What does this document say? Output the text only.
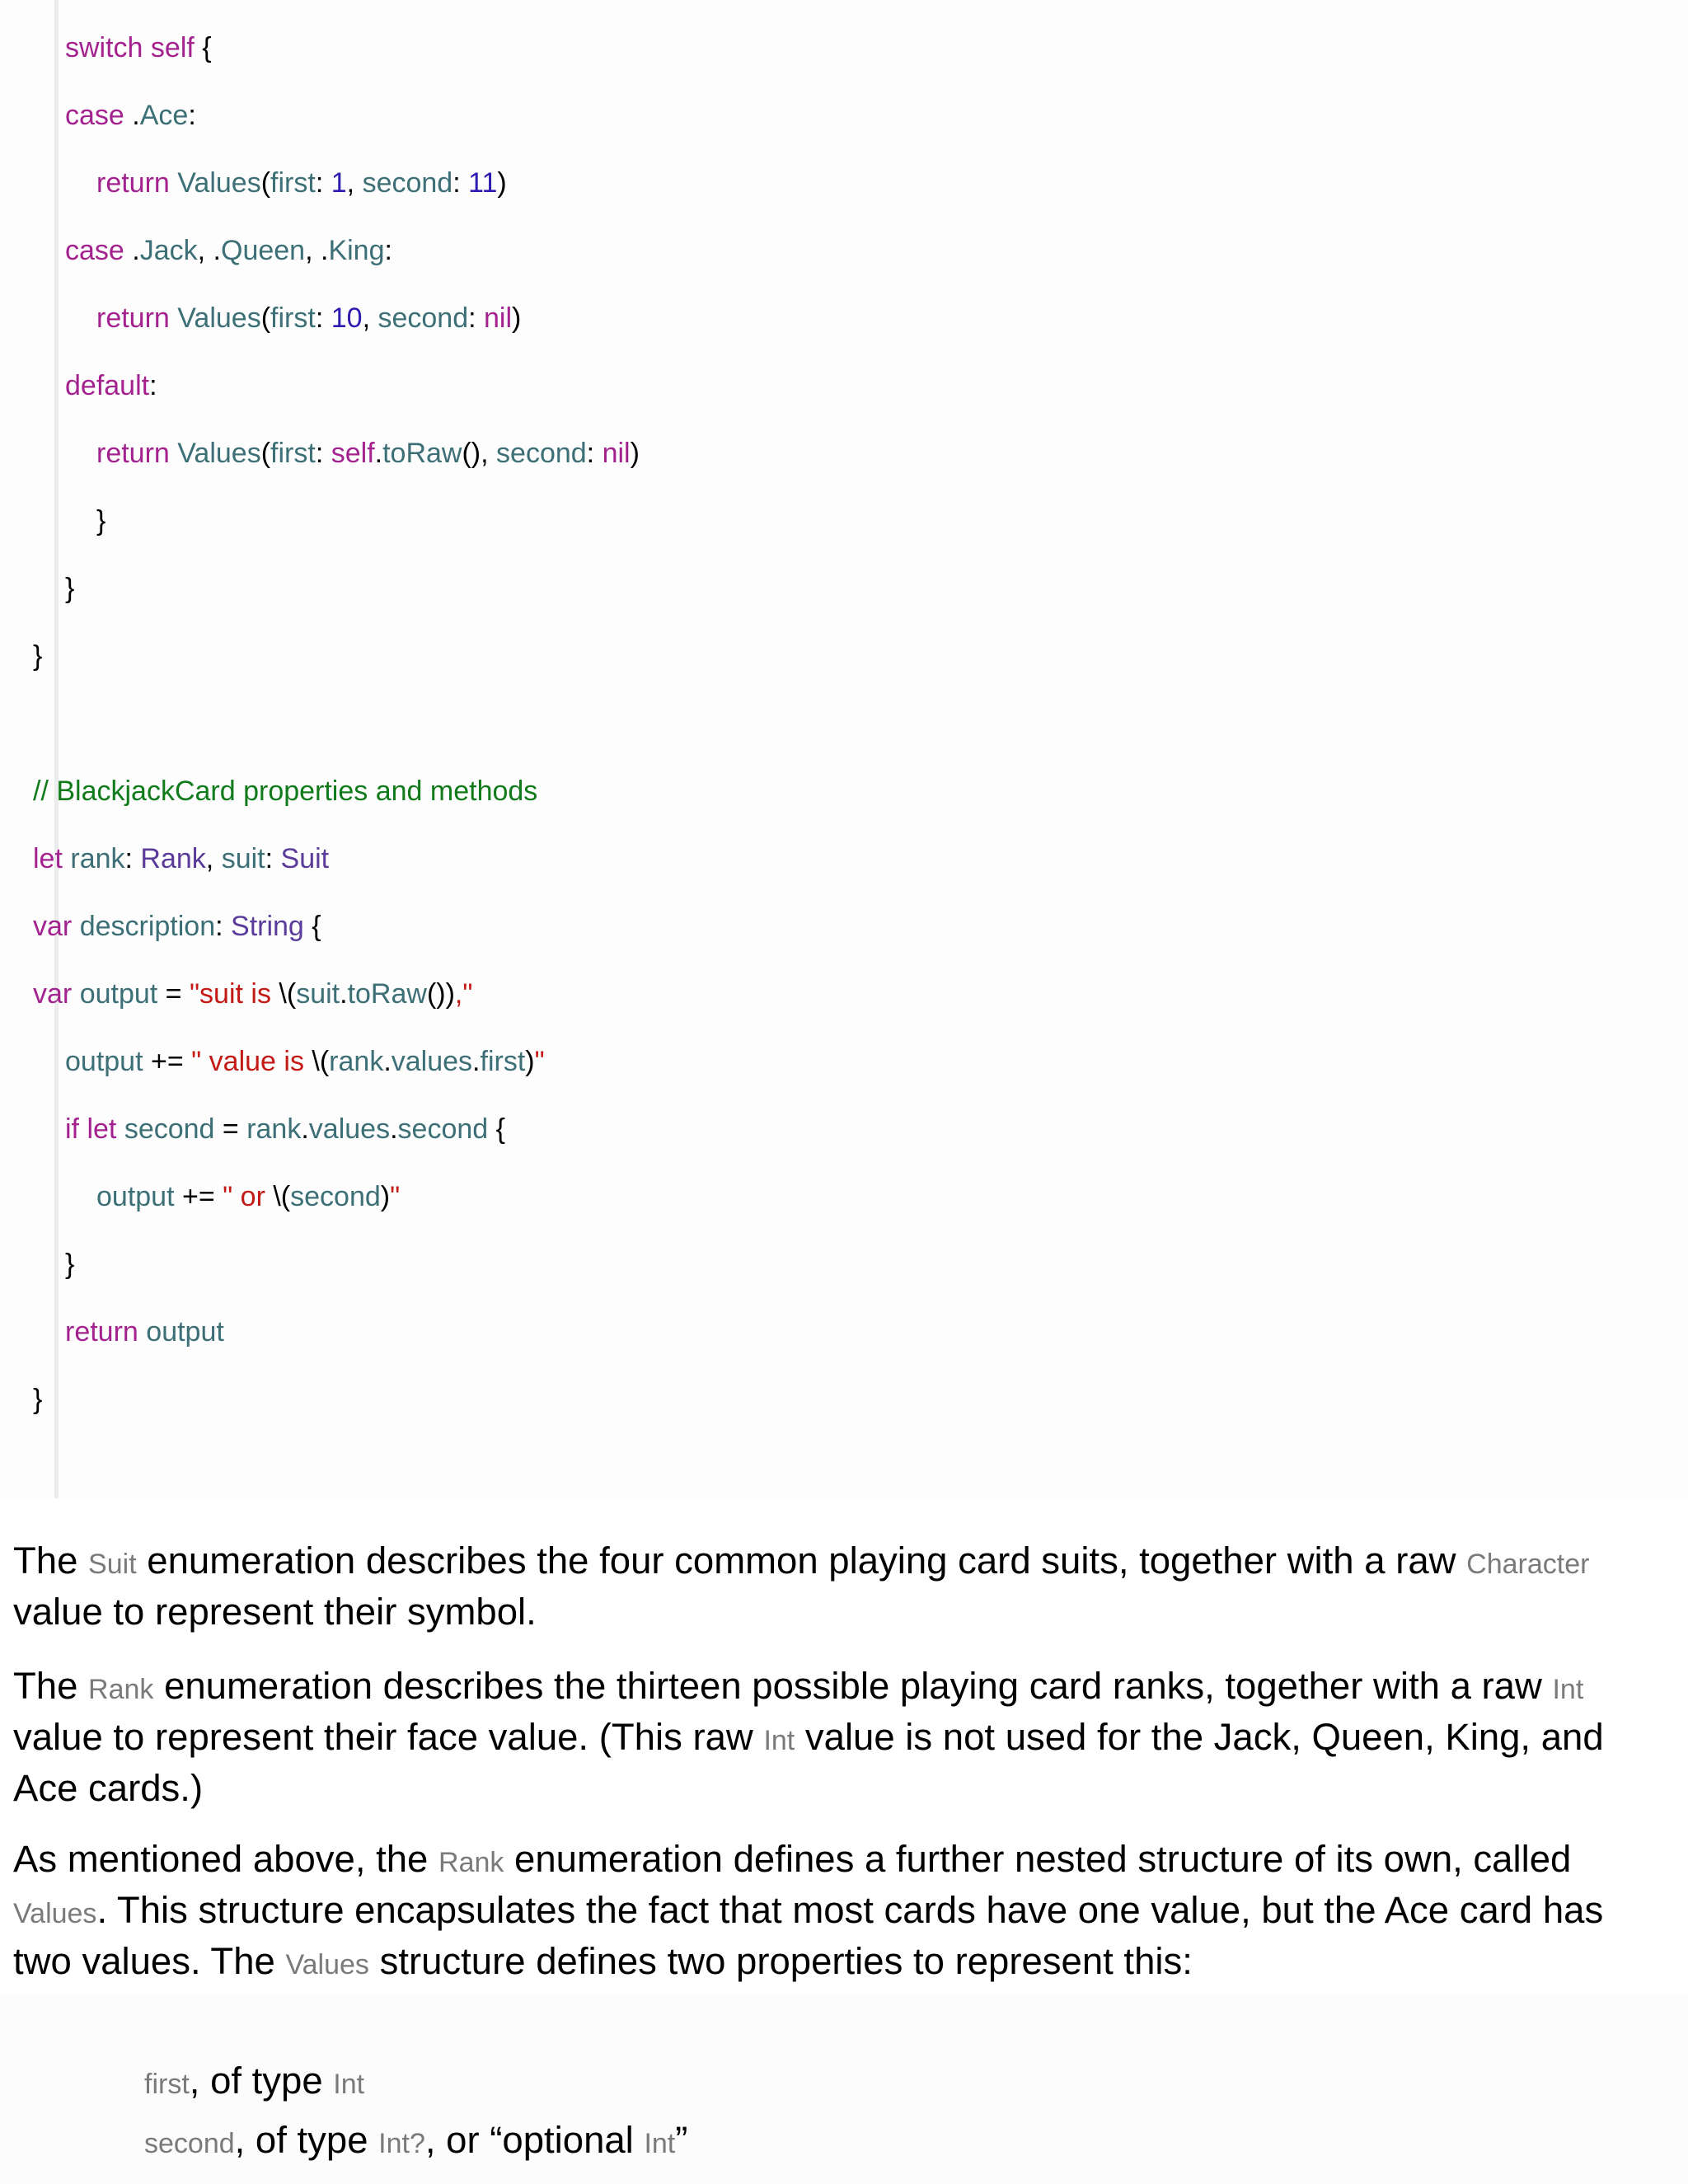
switch self {
case .Ace:
return Values(first: 1, second: 11)
case .Jack, .Queen, .King:
return Values(first: 10, second: nil)
default:
return Values(first: self.toRaw(), second: nil)
}
}
}
// BlackjackCard properties and methods
let rank: Rank, suit: Suit
var description: String {
var output = "suit is \(suit.toRaw()),"
output += " value is \(rank.values.first)"
if let second = rank.values.second {
output += " or \(second)"
}
return output
}
The Suit enumeration describes the four common playing card suits, together with a raw Character value to represent their symbol.
The Rank enumeration describes the thirteen possible playing card ranks, together with a raw Int value to represent their face value. (This raw Int value is not used for the Jack, Queen, King, and Ace cards.)
As mentioned above, the Rank enumeration defines a further nested structure of its own, called Values. This structure encapsulates the fact that most cards have one value, but the Ace card has two values. The Values structure defines two properties to represent this:
first, of type Int
second, of type Int?, or “optional Int”
